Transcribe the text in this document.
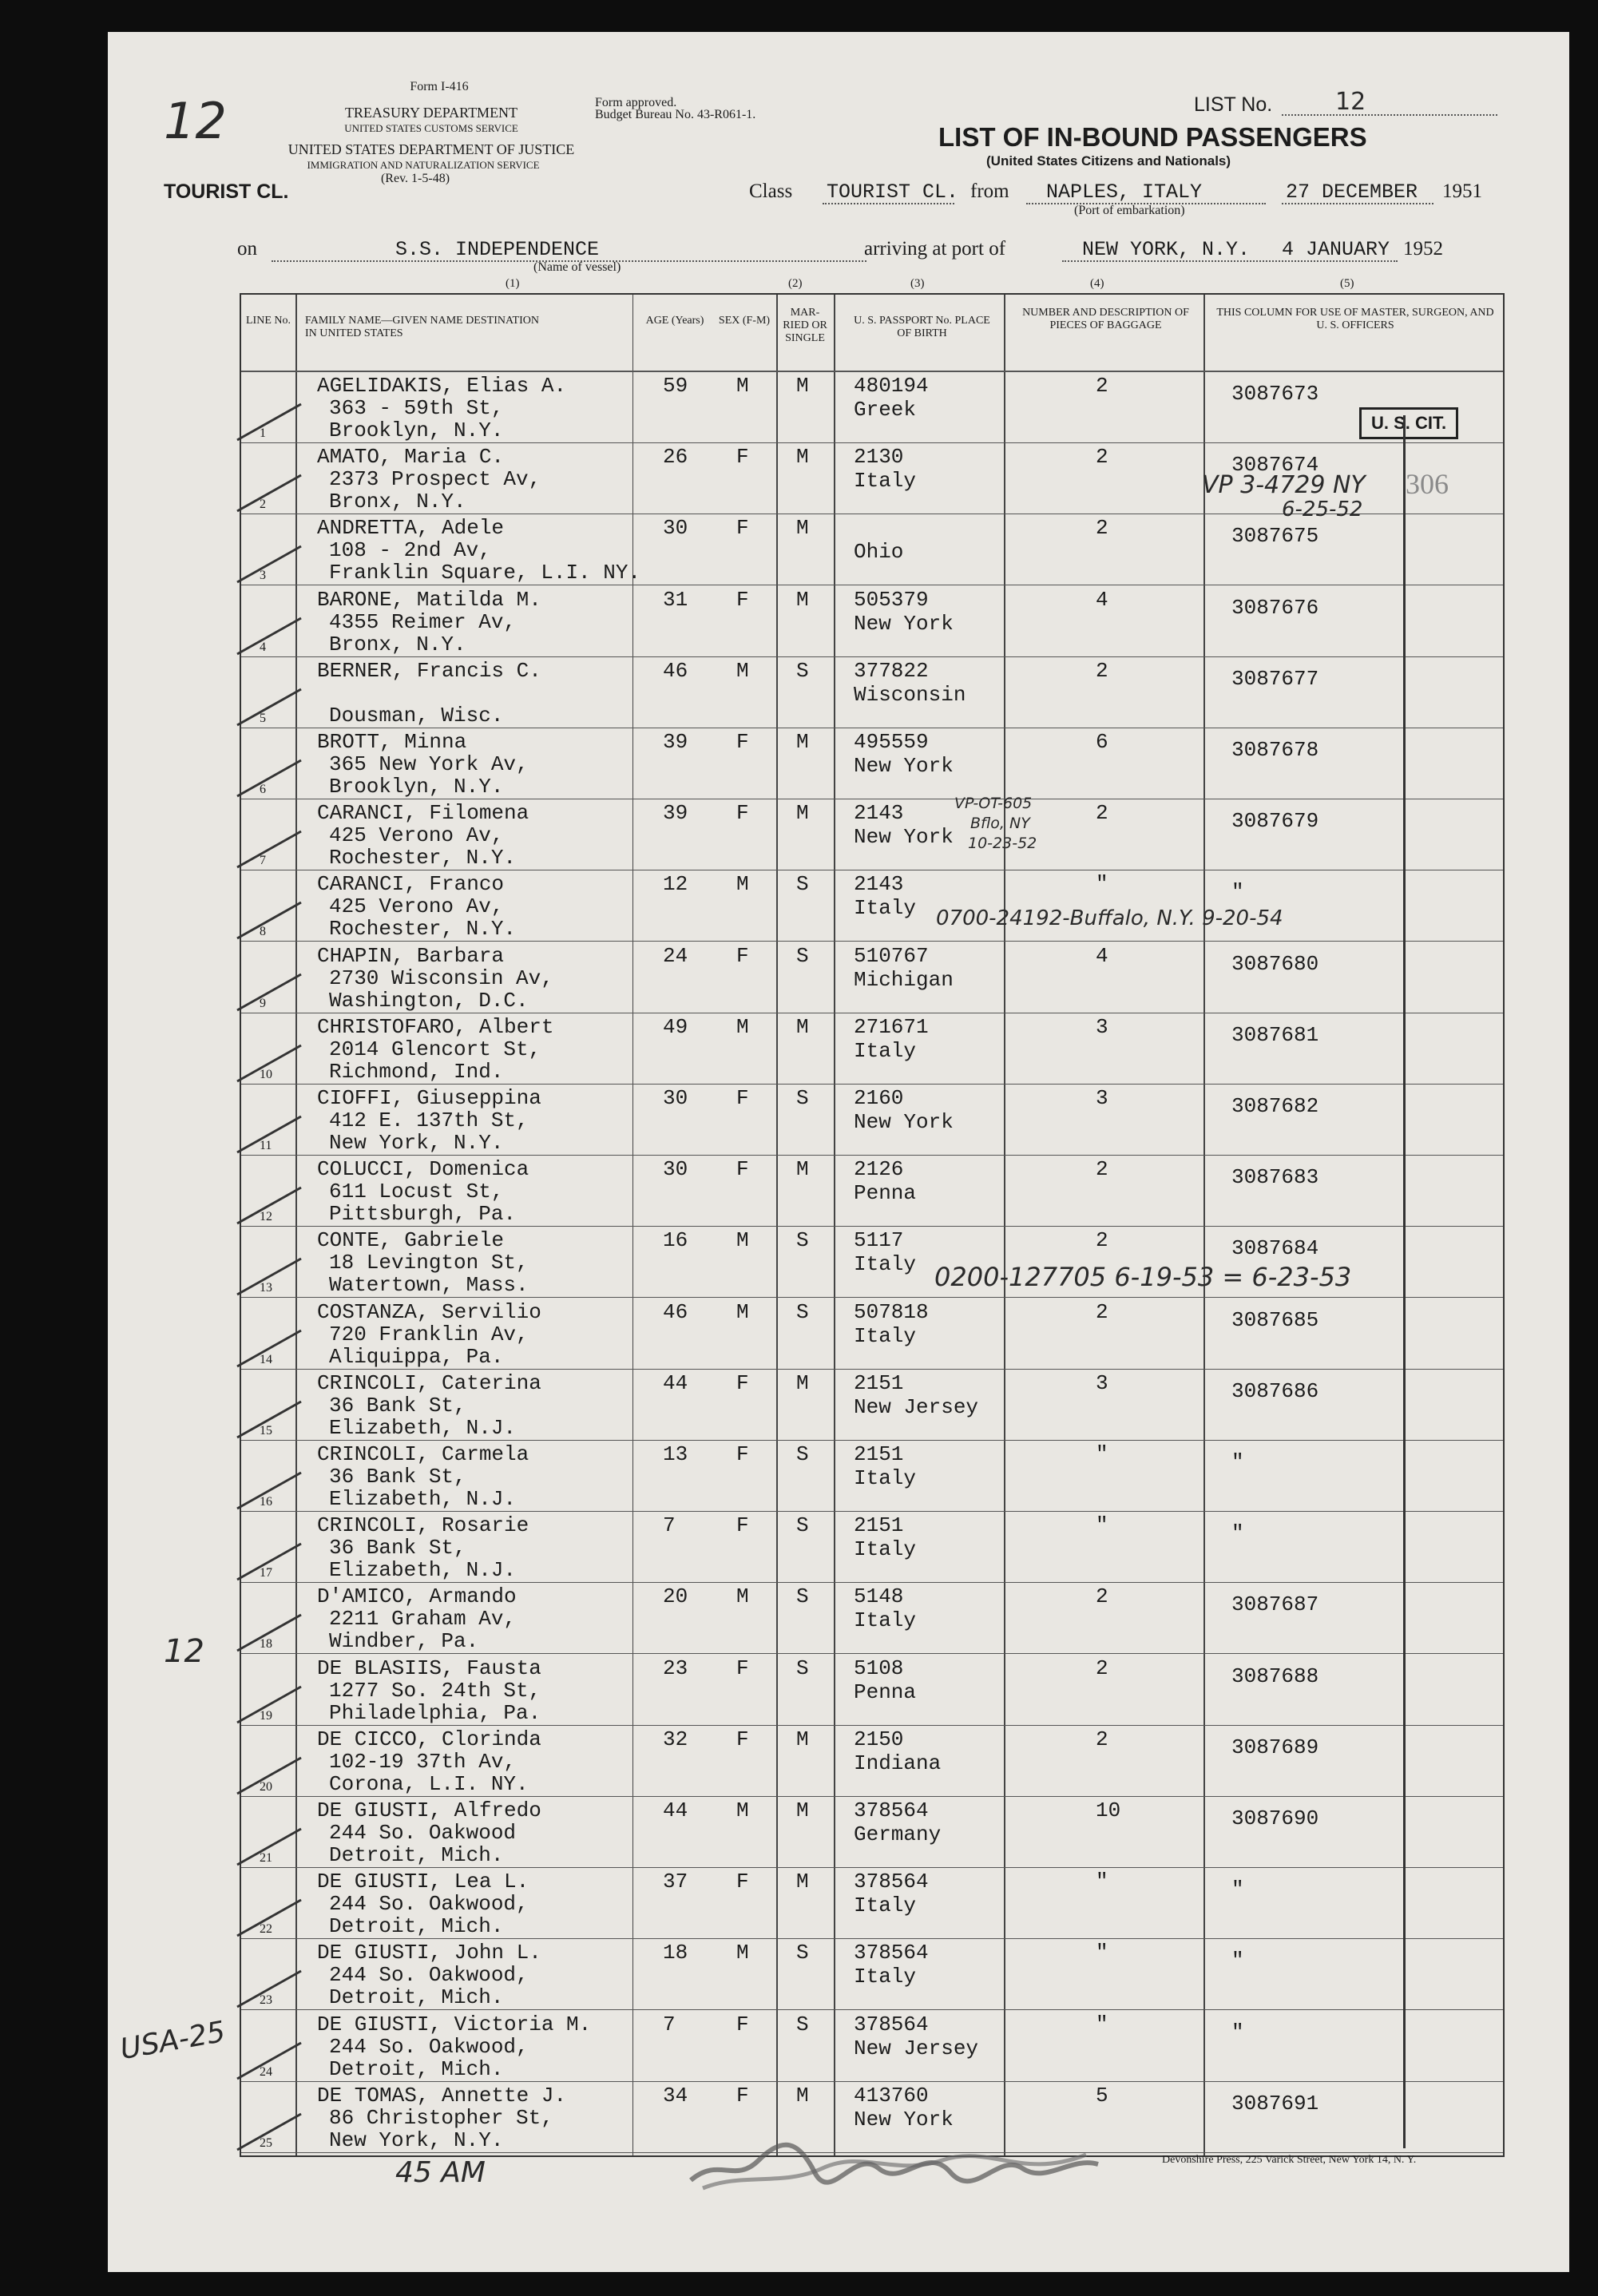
Form I-416
TREASURY DEPARTMENT
UNITED STATES CUSTOMS SERVICE
UNITED STATES DEPARTMENT OF JUSTICE
IMMIGRATION AND NATURALIZATION SERVICE
(Rev. 1-5-48)
Form approved.
Budget Bureau No. 43-R061-1.	LIST No.	12
LIST OF IN-BOUND PASSENGERS
(United States Citizens and Nationals)
TOURIST CL.	Class TOURIST CL. from NAPLES, ITALY
(Port of embarkation)
27 DECEMBER 1951
on	S.S. INDEPENDENCE
(Name of vessel)
arriving at port of	NEW YORK, N.Y. 4 JANUARY 1952
(1)	(2)	(3)	(4)	(5)
LINE No. FAMILY NAME—GIVEN NAME DESTINATION IN UNITED STATES
AGE (Years)	SEX (F-M)
MAR-RIED OR SINGLE
U. S. PASSPORT No. PLACE OF BIRTH
NUMBER AND DESCRIPTION OF PIECES OF BAGGAGE
THIS COLUMN FOR USE OF MASTER, SURGEON, AND U. S. OFFICERS
1
AGELIDAKIS, Elias A.
363 - 59th St,
Brooklyn, N.Y.
59 M M 480194
Greek
2	3087673
2
AMATO, Maria C.
2373 Prospect Av,
Bronx, N.Y.
26 F M 2130
Italy
2	3087674
3
ANDRETTA, Adele
108 - 2nd Av,
Franklin Square, L.I. NY.
30 F M
Ohio
2	3087675
4
BARONE, Matilda M.
4355 Reimer Av,
Bronx, N.Y.
31 F M 505379
New York
4	3087676
5
BERNER, Francis C.
Dousman, Wisc.
46 M S 377822
Wisconsin
2	3087677
6
BROTT, Minna
365 New York Av,
Brooklyn, N.Y.
39 F M 495559
New York
6	3087678
7
CARANCI, Filomena
425 Verono Av,
Rochester, N.Y.
39 F M 2143
New York
2	3087679
8
CARANCI, Franco
425 Verono Av,
Rochester, N.Y.
12 M S 2143
Italy
"	"
9
CHAPIN, Barbara
2730 Wisconsin Av,
Washington, D.C.
24 F S 510767
Michigan
4	3087680
10
CHRISTOFARO, Albert
2014 Glencort St,
Richmond, Ind.
49 M M 271671
Italy
3	3087681
11
CIOFFI, Giuseppina
412 E. 137th St,
New York, N.Y.
30 F S 2160
New York
3	3087682
12
COLUCCI, Domenica
611 Locust St,
Pittsburgh, Pa.
30 F M 2126
Penna
2	3087683
13
CONTE, Gabriele
18 Levington St,
Watertown, Mass.
16 M S 5117
Italy
2	3087684
14
COSTANZA, Servilio
720 Franklin Av,
Aliquippa, Pa.
46 M S 507818
Italy
2	3087685
15
CRINCOLI, Caterina
36 Bank St,
Elizabeth, N.J.
44 F M 2151
New Jersey
3	3087686
16
CRINCOLI, Carmela
36 Bank St,
Elizabeth, N.J.
13 F S 2151
Italy
"	"
17
CRINCOLI, Rosarie
36 Bank St,
Elizabeth, N.J.
7	F S 2151
Italy
"	"
18
D'AMICO, Armando
2211 Graham Av,
Windber, Pa.
20 M S 5148
Italy
2	3087687
19
DE BLASIIS, Fausta
1277 So. 24th St,
Philadelphia, Pa.
23 F S 5108
Penna
2	3087688
20
DE CICCO, Clorinda
102-19 37th Av,
Corona, L.I. NY.
32 F M 2150
Indiana
2	3087689
21
DE GIUSTI, Alfredo
244 So. Oakwood
Detroit, Mich.
44 M M 378564
Germany
10	3087690
22
DE GIUSTI, Lea L.
244 So. Oakwood,
Detroit, Mich.
37 F M 378564
Italy
"	"
23
DE GIUSTI, John L.
244 So. Oakwood,
Detroit, Mich.
18 M S 378564
Italy
"	"
24
DE GIUSTI, Victoria M.
244 So. Oakwood,
Detroit, Mich.
7	F S 378564
New Jersey
"	"
25
DE TOMAS, Annette J.
86 Christopher St,
New York, N.Y.
34 F M 413760
New York
5	3087691
U. S. CIT.
306
VP 3-4729 NY
6-25-52
VP-OT-605
Bflo, NY
10-23-52
0700-24192-Buffalo, N.Y. 9-20-54
0200-127705 6-19-53 = 6-23-53
12
12
USA-25
45 AM	Devonshire Press, 225 Varick Street, New York 14, N. Y.
